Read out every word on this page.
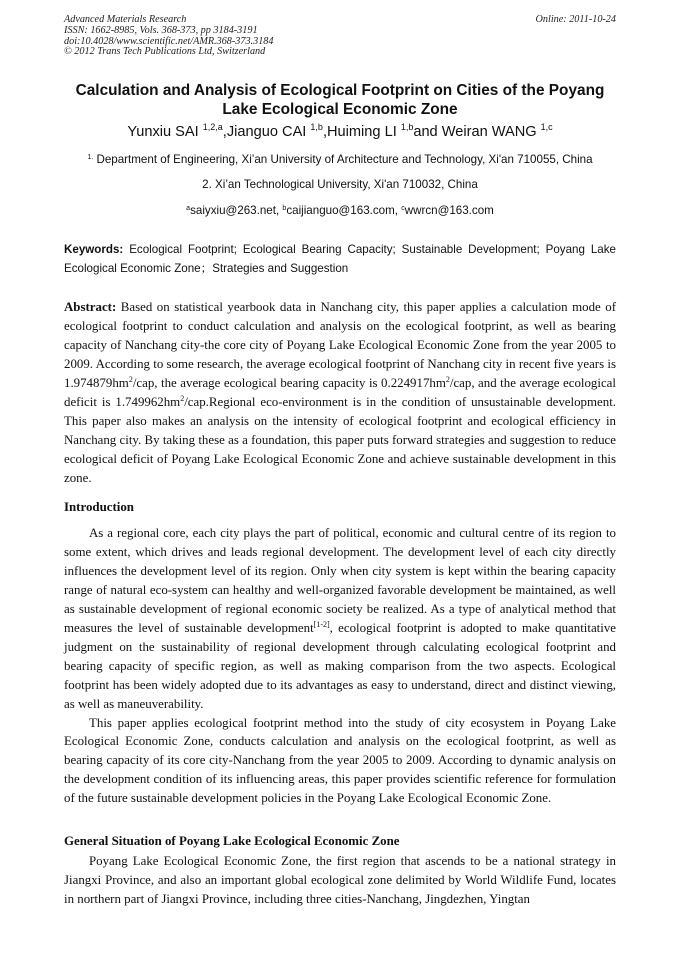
Advanced Materials Research	Online: 2011-10-24
ISSN: 1662-8985, Vols. 368-373, pp 3184-3191
doi:10.4028/www.scientific.net/AMR.368-373.3184
© 2012 Trans Tech Publications Ltd, Switzerland
Calculation and Analysis of Ecological Footprint on Cities of the Poyang Lake Ecological Economic Zone
Yunxiu SAI $^{1,2,a}$,Jianguo CAI $^{1,b}$,Huiming LI $^{1,b}$and Weiran WANG $^{1,c}$
$^{1.}$ Department of Engineering, Xi’an University of Architecture and Technology, Xi'an 710055, China
2. Xi’an Technological University, Xi'an 710032, China
$^a$saiyxiu@263.net, $^b$caijianguo@163.com, $^c$wwrcn@163.com
Keywords: Ecological Footprint; Ecological Bearing Capacity; Sustainable Development; Poyang Lake Ecological Economic Zone；Strategies and Suggestion

Abstract: Based on statistical yearbook data in Nanchang city, this paper applies a calculation mode of ecological footprint to conduct calculation and analysis on the ecological footprint, as well as bearing capacity of Nanchang city-the core city of Poyang Lake Ecological Economic Zone from the year 2005 to 2009. According to some research, the average ecological footprint of Nanchang city in recent five years is $1.974879hm^2$/cap, the average ecological bearing capacity is $0.224917hm^2$/cap, and the average ecological deficit is $1.749962hm^2/cap.Regional$ eco-environment is in the condition of unsustainable development. This paper also makes an analysis on the intensity of ecological footprint and ecological efficiency in Nanchang city. By taking these as a foundation, this paper puts forward strategies and suggestion to reduce ecological deficit of Poyang Lake Ecological Economic Zone and achieve sustainable development in this zone.

Introduction

As a regional core, each city plays the part of political, economic and cultural centre of its region to some extent, which drives and leads regional development. The development level of each city directly influences the development level of its region. Only when city system is kept within the bearing capacity range of natural eco-system can healthy and well-organized favorable development be maintained, as well as sustainable development of regional economic society be realized. As a type of analytical method that measures the level of sustainable development[1-2], ecological footprint is adopted to make quantitative judgment on the sustainability of regional development through calculating ecological footprint and bearing capacity of specific region, as well as making comparison from the two aspects. Ecological footprint has been widely adopted due to its advantages as easy to understand, direct and distinct viewing, as well as maneuverability.

This paper applies ecological footprint method into the study of city ecosystem in Poyang Lake Ecological Economic Zone, conducts calculation and analysis on the ecological footprint, as well as bearing capacity of its core city-Nanchang from the year 2005 to 2009. According to dynamic analysis on the development condition of its influencing areas, this paper provides scientific reference for formulation of the future sustainable development policies in the Poyang Lake Ecological Economic Zone.

General Situation of Poyang Lake Ecological Economic Zone

Poyang Lake Ecological Economic Zone, the first region that ascends to be a national strategy in Jiangxi Province, and also an important global ecological zone delimited by World Wildlife Fund, locates in northern part of Jiangxi Province, including three cities-Nanchang, Jingdezhen, Yingtan
